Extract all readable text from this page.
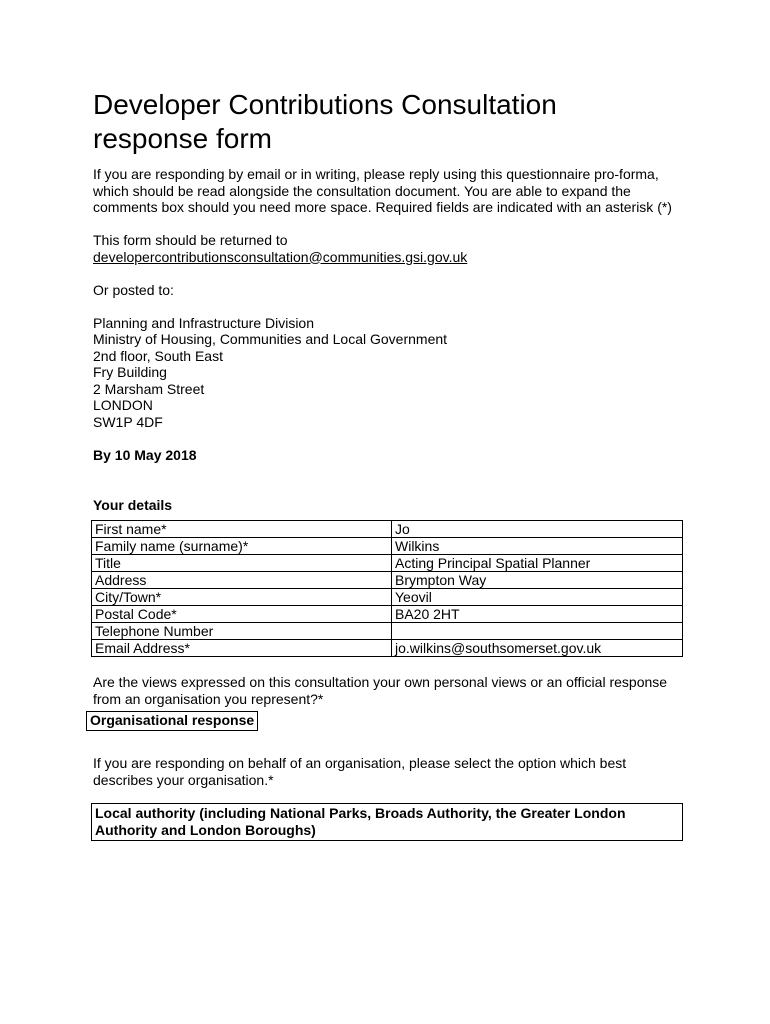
Developer Contributions Consultation
response form

If you are responding by email or in writing, please reply using this questionnaire pro-forma, which should be read alongside the consultation document. You are able to expand the comments box should you need more space. Required fields are indicated with an asterisk (*)

This form should be returned to
developercontributionsconsultation@communities.gsi.gov.uk

Or posted to:

Planning and Infrastructure Division
Ministry of Housing, Communities and Local Government
2nd floor, South East
Fry Building
2 Marsham Street
LONDON
SW1P 4DF

By 10 May 2018

Your details

First name*	Jo
Family name (surname)*	Wilkins
Title	Acting Principal Spatial Planner
Address	Brympton Way
City/Town*	Yeovil
Postal Code*	BA20 2HT
Telephone Number	
Email Address*	jo.wilkins@southsomerset.gov.uk

Are the views expressed on this consultation your own personal views or an official response from an organisation you represent?*

Organisational response

If you are responding on behalf of an organisation, please select the option which best describes your organisation.*

Local authority (including National Parks, Broads Authority, the Greater London Authority and London Boroughs)
